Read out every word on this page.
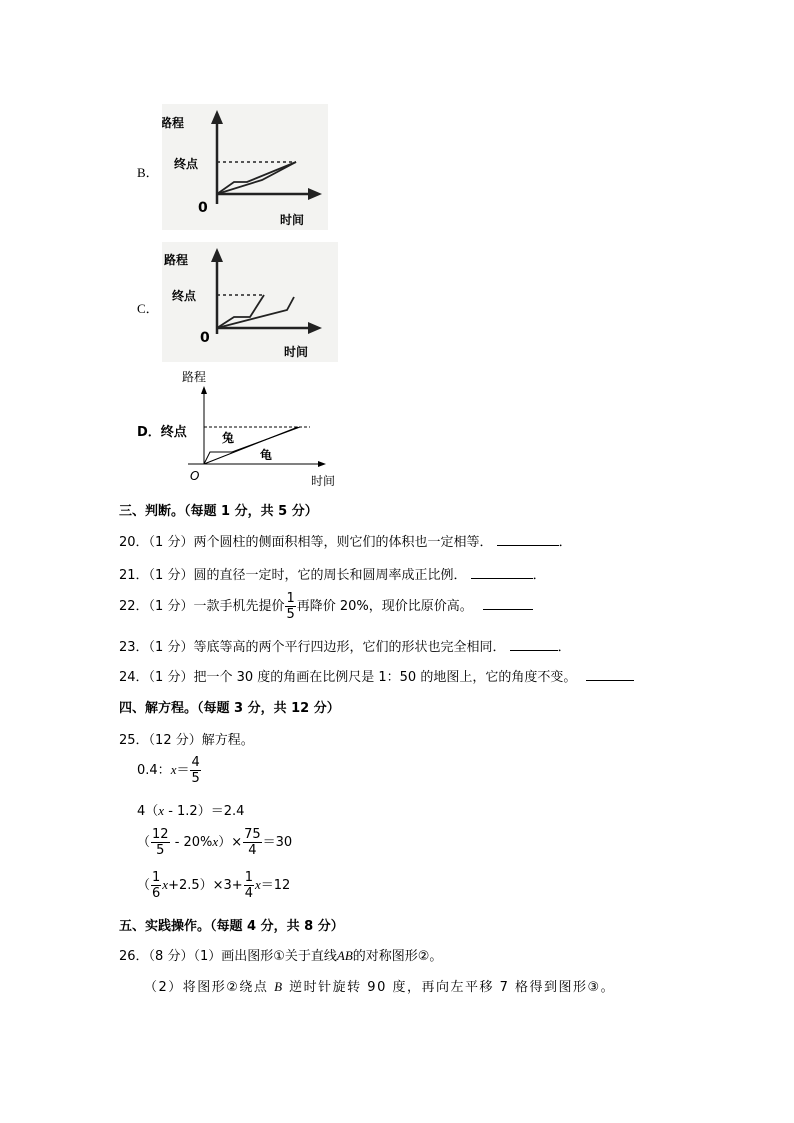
B．
路程
终点
0
时间
C．
路程
终点
0
时间
D．终点
路程
兔
龟
O	时间
三、判断。（每题 1 分，共 5 分）
20．（1 分）两个圆柱的侧面积相等，则它们的体积也一定相等．	．
21．（1 分）圆的直径一定时，它的周长和圆周率成正比例．	．
22．（1 分）一款手机先提价 $\frac{1}{5}$ 再降价 20%，现价比原价高。
23．（1 分）等底等高的两个平行四边形，它们的形状也完全相同．	．
24．（1 分）把一个 30 度的角画在比例尺是 1：50 的地图上，它的角度不变。
四、解方程。（每题 3 分，共 12 分）
25．（12 分）解方程。
0.4：$x= \frac{4}{5}$
4（x - 1.2）＝2.4
（ $\frac{12}{5} - 20\%x)\times \frac{75}{4} =30$
（ $\frac{1}{6} x+2.5)\times 3+ \frac{1}{4} x=12$
五、实践操作。（每题 4 分，共 8 分）
26．（8 分）（1）画出图形①关于直线AB的对称图形②。
（2）将图形②绕点 B 逆时针旋转 90 度，再向左平移 7 格得到图形③。
